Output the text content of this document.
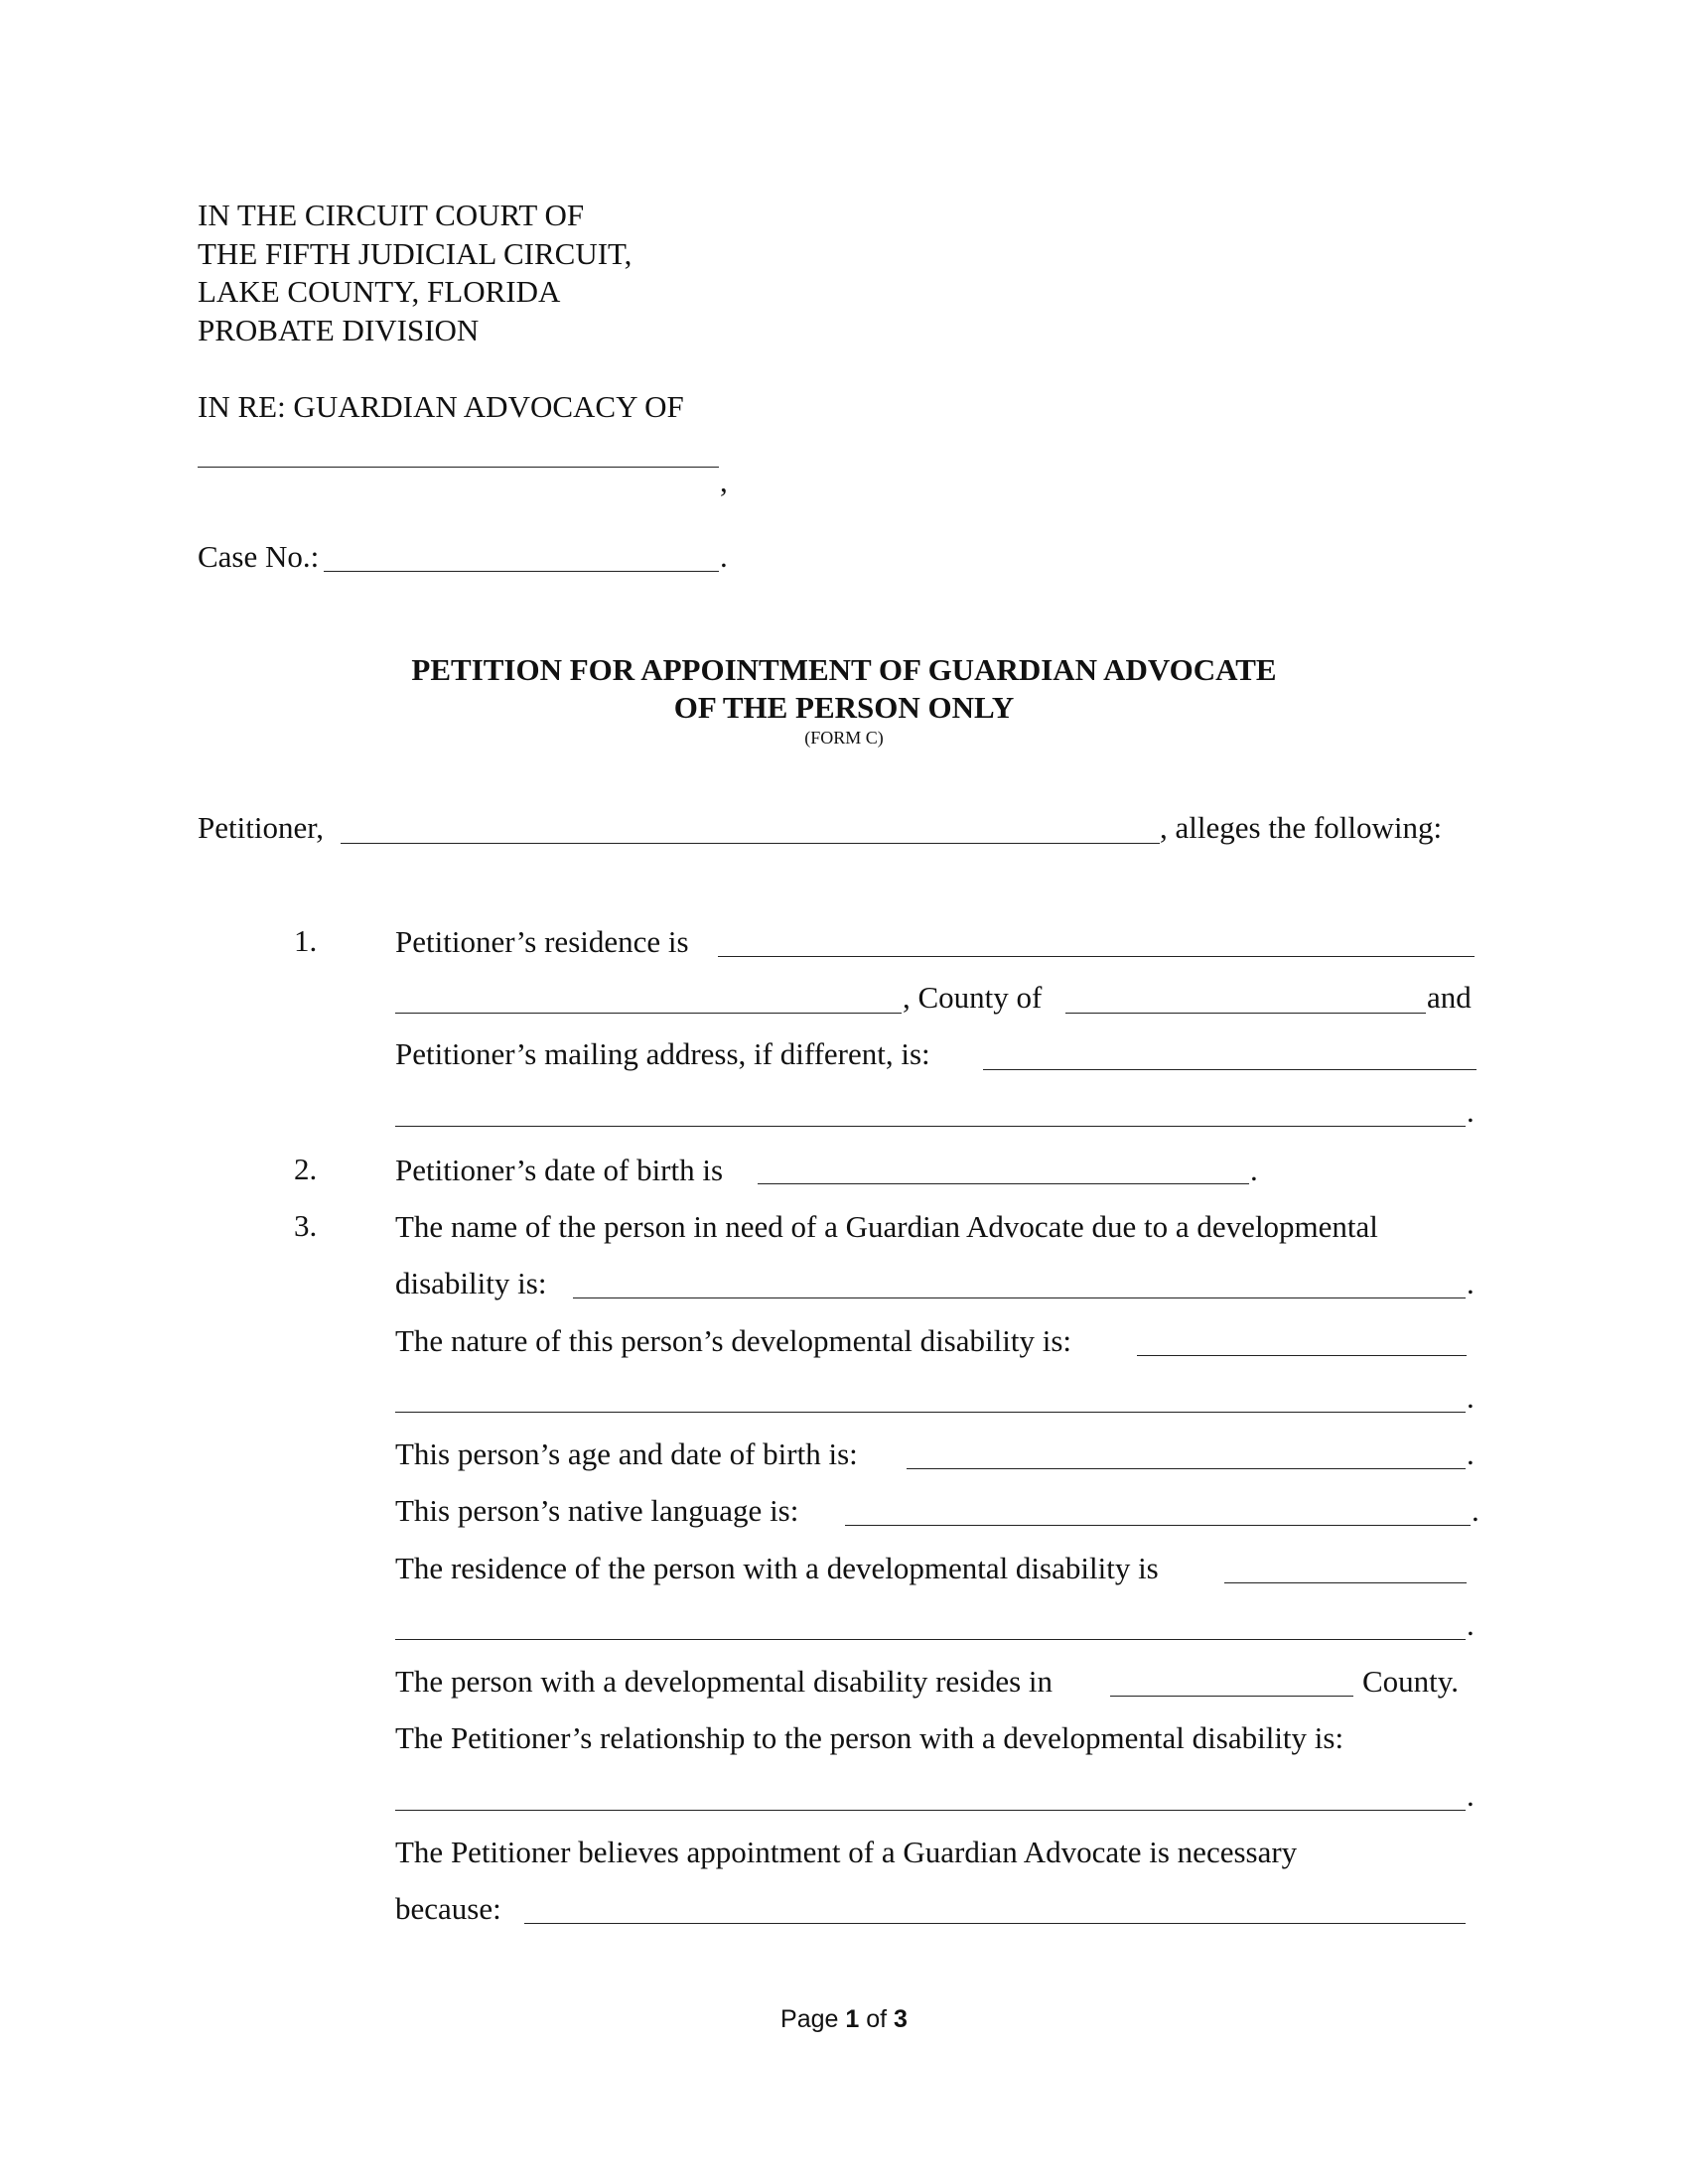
IN THE CIRCUIT COURT OF
THE FIFTH JUDICIAL CIRCUIT,
LAKE COUNTY, FLORIDA
PROBATE DIVISION
IN RE: GUARDIAN ADVOCACY OF
,
Case No.:	.
PETITION FOR APPOINTMENT OF GUARDIAN ADVOCATE
OF THE PERSON ONLY
(FORM C)
Petitioner,	, alleges the following:
1.	Petitioner’s residence is
, County of	and
Petitioner’s mailing address, if different, is:
.
2.	Petitioner’s date of birth is	.
3.	The name of the person in need of a Guardian Advocate due to a developmental
disability is:	.
The nature of this person’s developmental disability is:
.
This person’s age and date of birth is:	.
This person’s native language is:	.
The residence of the person with a developmental disability is
.
The person with a developmental disability resides in	County.
The Petitioner’s relationship to the person with a developmental disability is:
.
The Petitioner believes appointment of a Guardian Advocate is necessary
because:
Page 1 of 3
